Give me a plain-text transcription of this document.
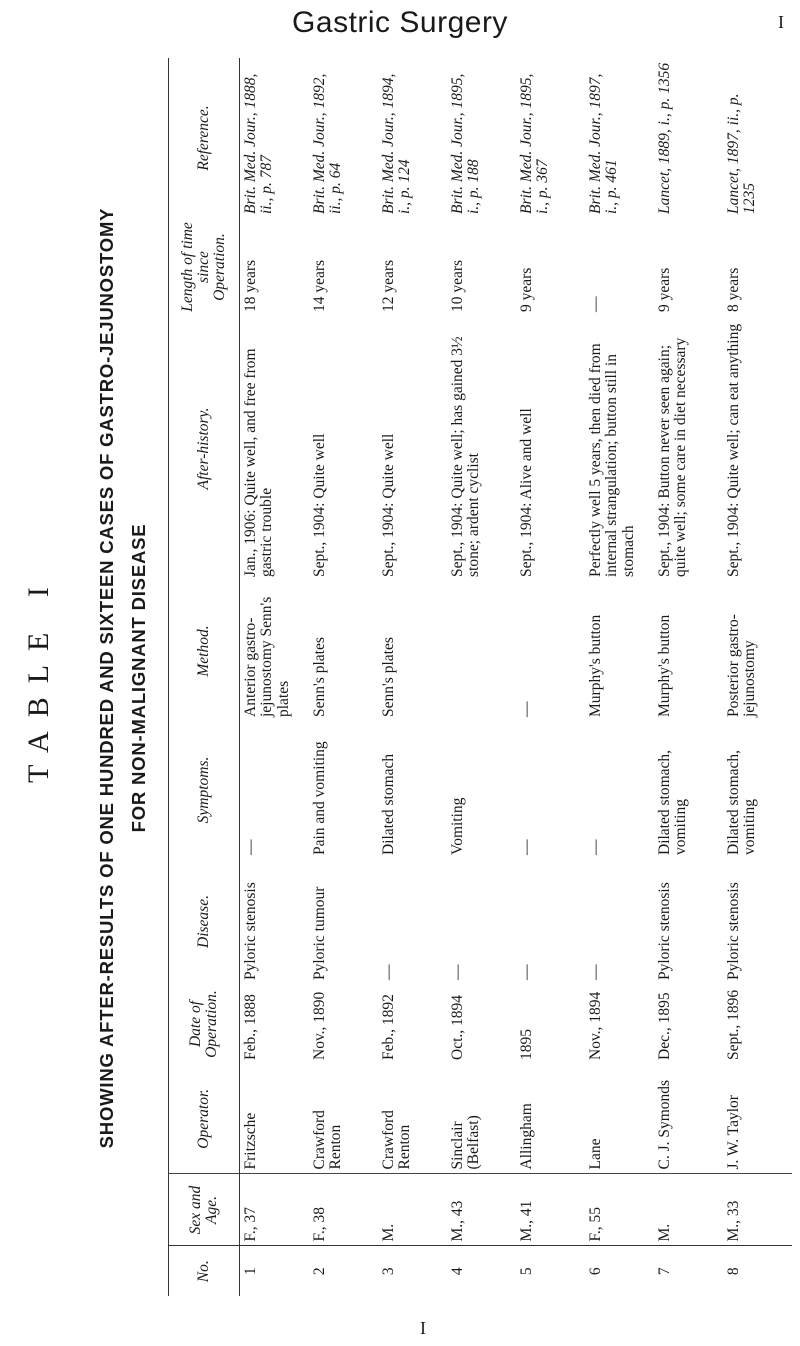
Gastric Surgery	I
TABLE I SHOWING AFTER-RESULTS OF ONE HUNDRED AND SIXTEEN CASES OF GASTRO-JEJUNOSTOMY FOR NON-MALIGNANT DISEASE
No.	Sex and Age.	Operator.	Date of Operation.	Disease.	Symptoms.	Method.	After-history.	Length of time since Operation.	Reference.
1	F., 37	Fritzsche	Feb., 1888	Pyloric stenosis	—	Anterior gastro-jejunostomy Senn's plates	Jan., 1906: Quite well, and free from gastric trouble	18 years	Brit. Med. Jour., 1888, ii., p. 787
2	F., 38	Crawford Renton	Nov., 1890	Pyloric tumour	Pain and vomiting	Senn's plates	Sept., 1904: Quite well	14 years	Brit. Med. Jour., 1892, ii., p. 64
3	M.	Crawford Renton	Feb., 1892	—	Dilated stomach	Senn's plates	Sept., 1904: Quite well	12 years	Brit. Med. Jour., 1894, i., p. 124
4	M., 43	Sinclair (Belfast)	Oct., 1894	—	Vomiting		Sept., 1904: Quite well; has gained 3½ stone; ardent cyclist	10 years	Brit. Med. Jour., 1895, i., p. 188
5	M., 41	Allingham	1895	—	—	—	Sept., 1904: Alive and well	9 years	Brit. Med. Jour., 1895, i., p. 367
6	F., 55	Lane	Nov., 1894	—	—	Murphy's button	Perfectly well 5 years, then died from internal strangulation; button still in stomach	—	Brit. Med. Jour., 1897, i., p. 461
7	M.	C. J. Symonds	Dec., 1895	Pyloric stenosis	Dilated stomach, vomiting	Murphy's button	Sept., 1904: Button never seen again; quite well; some care in diet necessary	9 years	Lancet, 1889, i., p. 1356
8	M., 33	J. W. Taylor	Sept., 1896	Pyloric stenosis	Dilated stomach, vomiting	Posterior gastro-jejunostomy	Sept., 1904: Quite well; can eat anything	8 years	Lancet, 1897, ii., p. 1235
I
